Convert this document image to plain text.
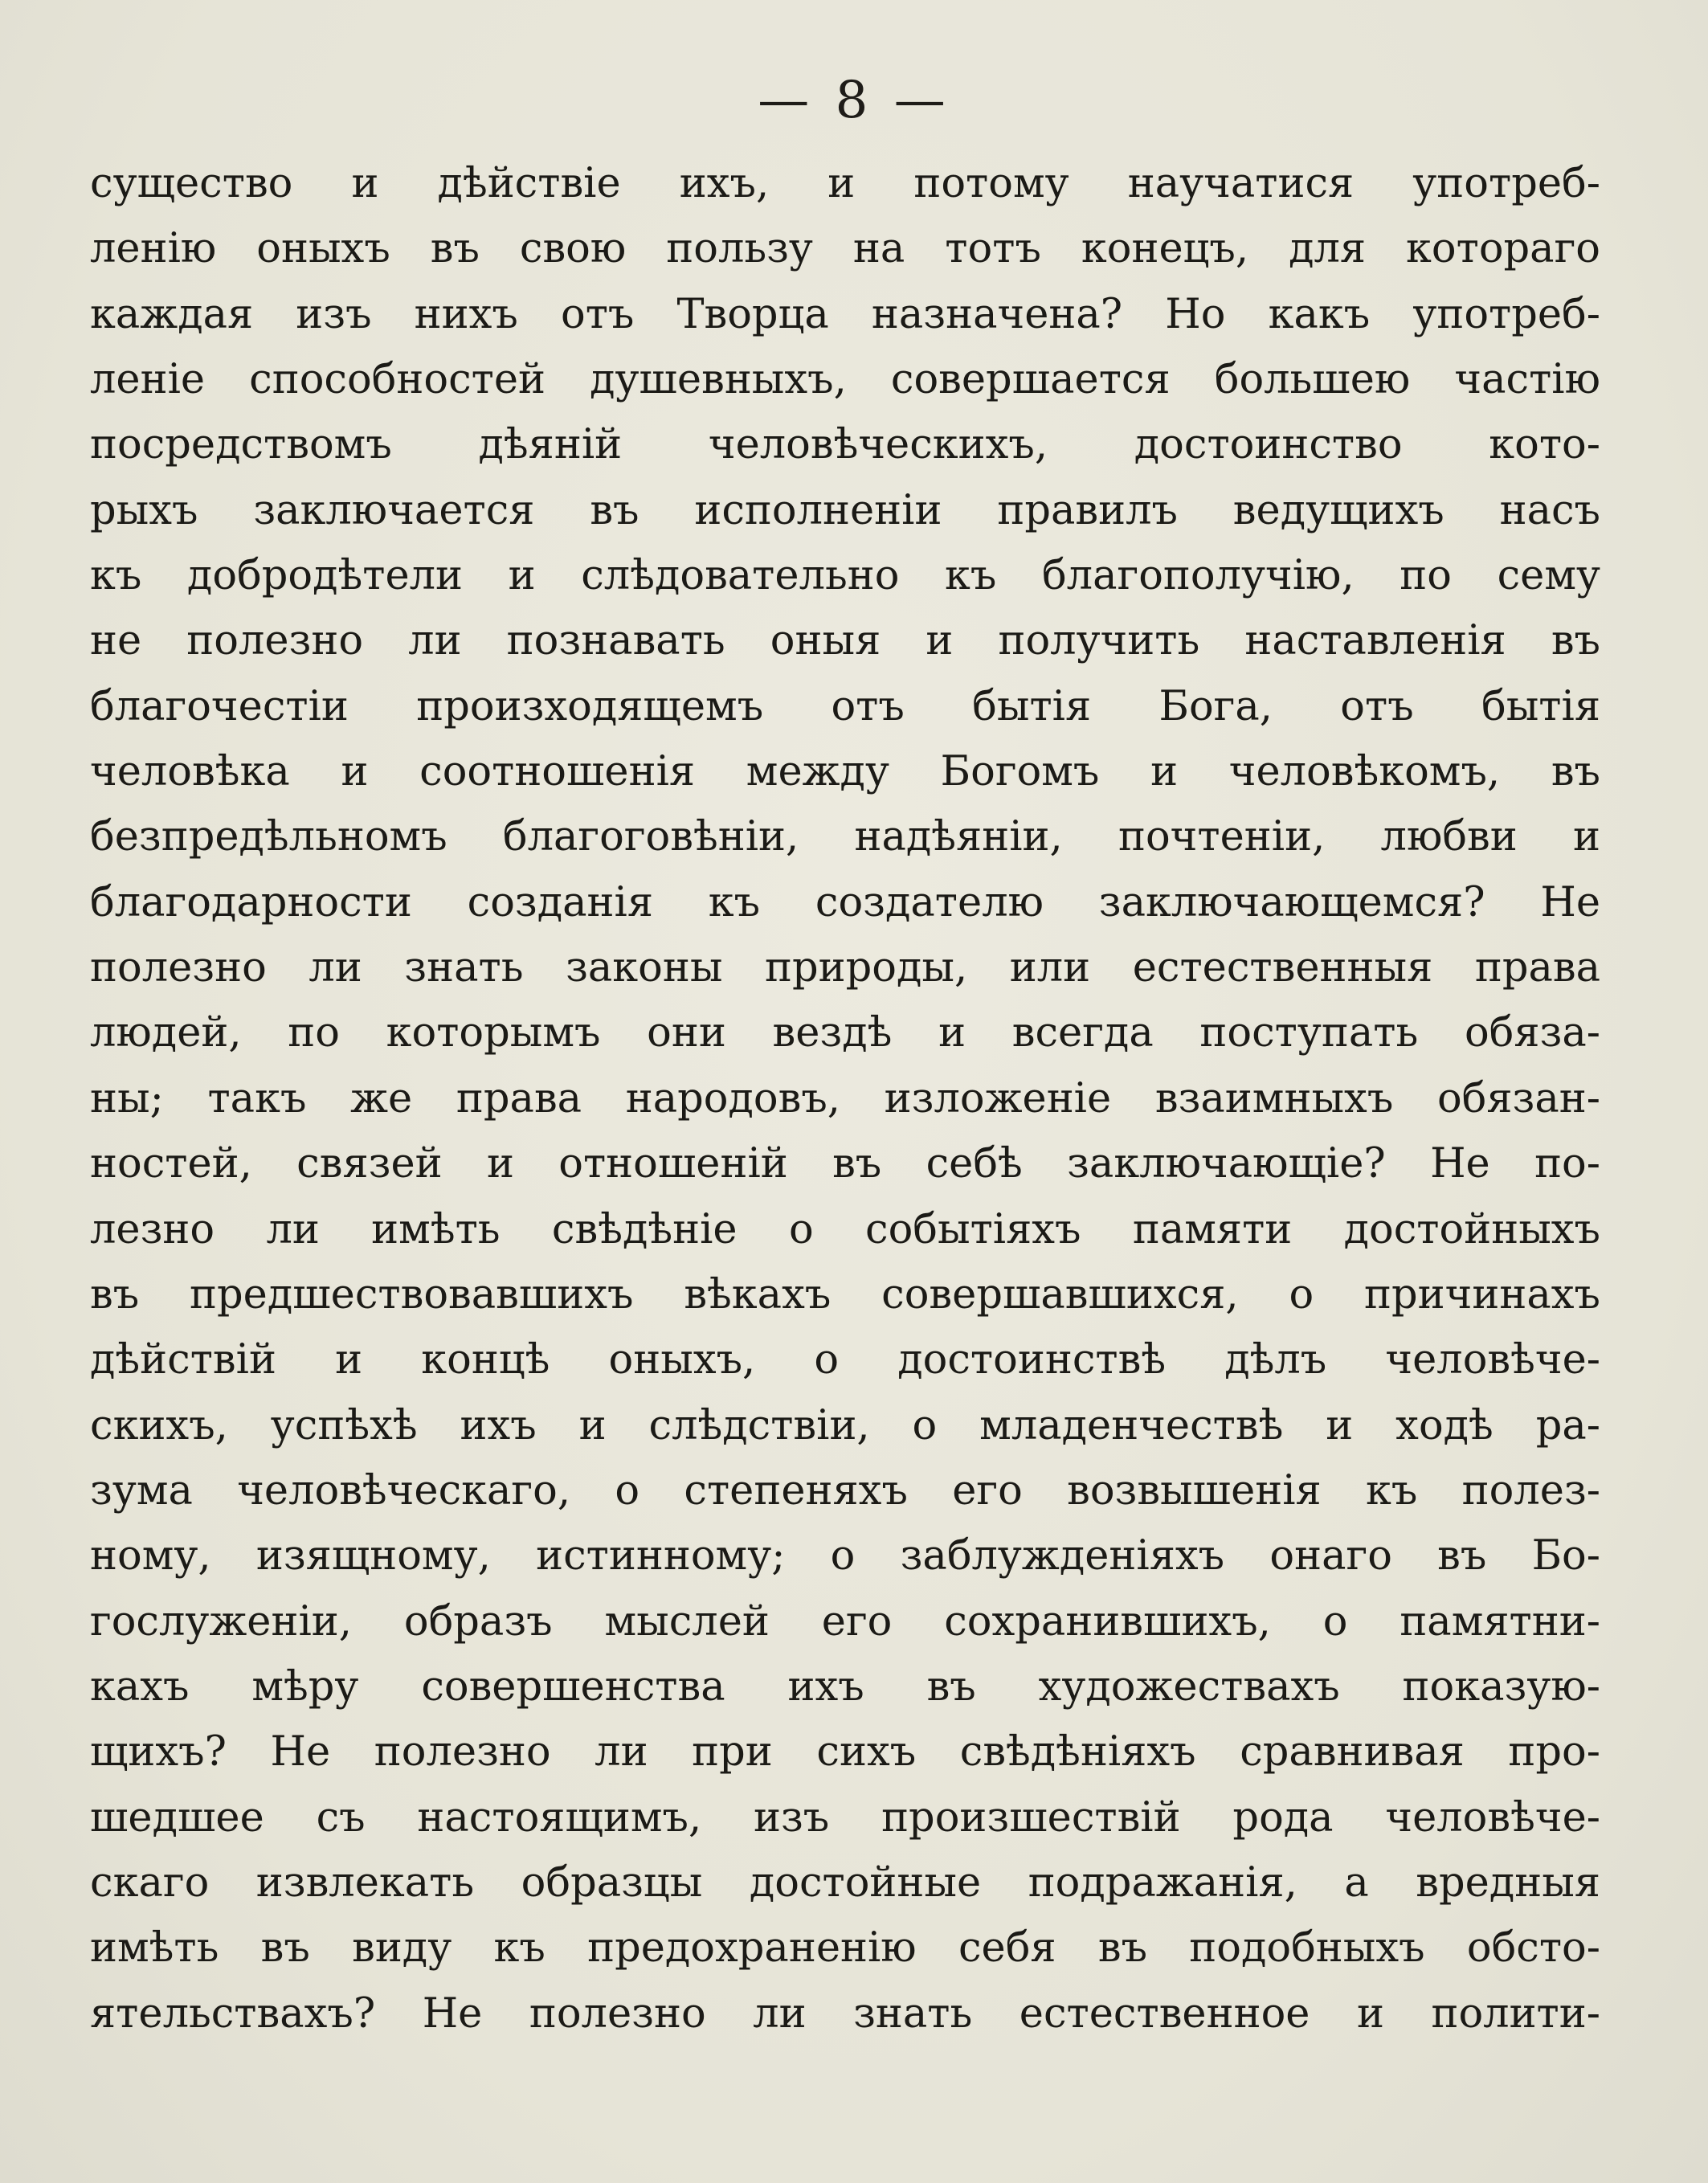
— 8 —
существо и дѣйствіе ихъ, и потому научатися употреб-
ленію оныхъ въ свою пользу на тотъ конецъ, для котораго
каждая изъ нихъ отъ Творца назначена? Но какъ употреб-
леніе способностей душевныхъ, совершается большею частію
посредствомъ дѣяній человѣческихъ, достоинство кото-
рыхъ заключается въ исполненіи правилъ ведущихъ насъ
къ добродѣтели и слѣдовательно къ благополучію, по сему
не полезно ли познавать оныя и получить наставленія въ
благочестіи произходящемъ отъ бытія Бога, отъ бытія
человѣка и соотношенія между Богомъ и человѣкомъ, въ
безпредѣльномъ благоговѣніи, надѣяніи, почтеніи, любви и
благодарности созданія къ создателю заключающемся? Не
полезно ли знать законы природы, или естественныя права
людей, по которымъ они вездѣ и всегда поступать обяза-
ны; такъ же права народовъ, изложеніе взаимныхъ обязан-
ностей, связей и отношеній въ себѣ заключающіе? Не по-
лезно ли имѣть свѣдѣніе о событіяхъ памяти достойныхъ
въ предшествовавшихъ вѣкахъ совершавшихся, о причинахъ
дѣйствій и концѣ оныхъ, о достоинствѣ дѣлъ человѣче-
скихъ, успѣхѣ ихъ и слѣдствіи, о младенчествѣ и ходѣ ра-
зума человѣческаго, о степеняхъ его возвышенія къ полез-
ному, изящному, истинному; о заблужденіяхъ онаго въ Бо-
гослуженіи, образъ мыслей его сохранившихъ, о памятни-
кахъ мѣру совершенства ихъ въ художествахъ показую-
щихъ? Не полезно ли при сихъ свѣдѣніяхъ сравнивая про-
шедшее съ настоящимъ, изъ произшествій рода человѣче-
скаго извлекать образцы достойные подражанія, а вредныя
имѣть въ виду къ предохраненію себя въ подобныхъ обсто-
ятельствахъ? Не полезно ли знать естественное и полити-
